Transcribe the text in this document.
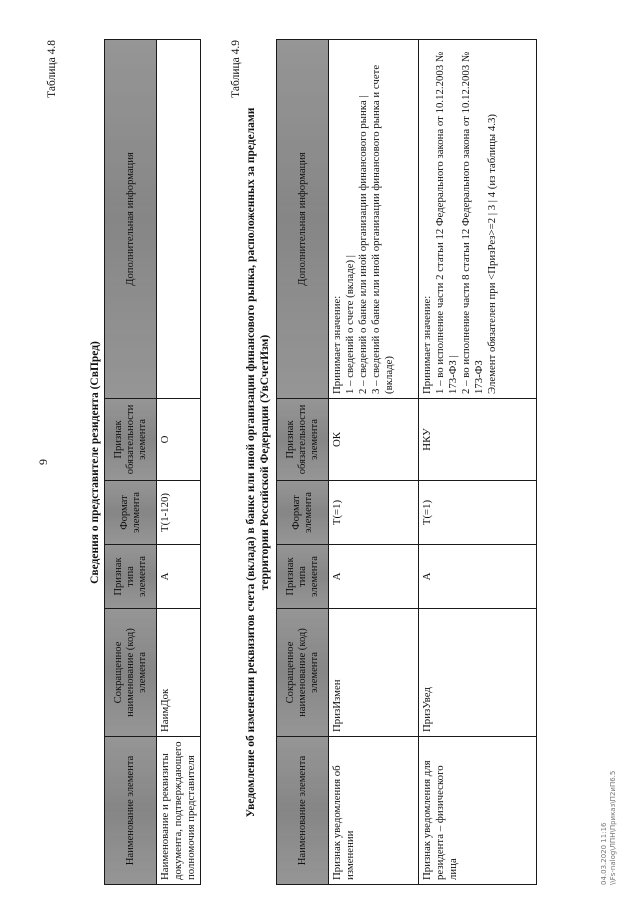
9
Таблица 4.8
Сведения о представителе резидента (СвПред)
Наименование элемента	Сокращенное наименование (код) элемента	Признак типа элемента	Формат элемента	Признак обязательности элемента	Дополнительная информация
Наименование и реквизиты документа, подтверждающего полномочия представителя	НаимДок	А	Т(1-120)	О	
Таблица 4.9
Уведомление об изменении реквизитов счета (вклада) в банке или иной организации финансового рынка, расположенных за пределами территории Российской Федерации (УвСчетИзм)
Наименование элемента	Сокращенное наименование (код) элемента	Признак типа элемента	Формат элемента	Признак обязательности элемента	Дополнительная информация
Признак уведомления об изменении	ПризИзмен	А	Т(=1)	ОК	Принимает значение: 1 – сведений о счете (вкладе) | 2 – сведений о банке или иной организации финансового рынка | 3 – сведений о банке или иной организации финансового рынка и счете (вкладе)

Признак уведомления для резидента – физического лица	ПризУвед	А	Т(=1)	НКУ	Принимает значение: 1 – во исполнение части 2 статьи 12 Федерального закона от 10.12.2003 № 173-ФЗ | 2 – во исполнение части 8 статьи 12 Федерального закона от 10.12.2003 № 173-ФЗ Элемент обязателен при <ПризРез>=2 | 3 | 4 (из таблицы 4.3)
04.03.2020 11:16 \\Fs-nalog\ЛПН\Приказ\П2иП6.5
